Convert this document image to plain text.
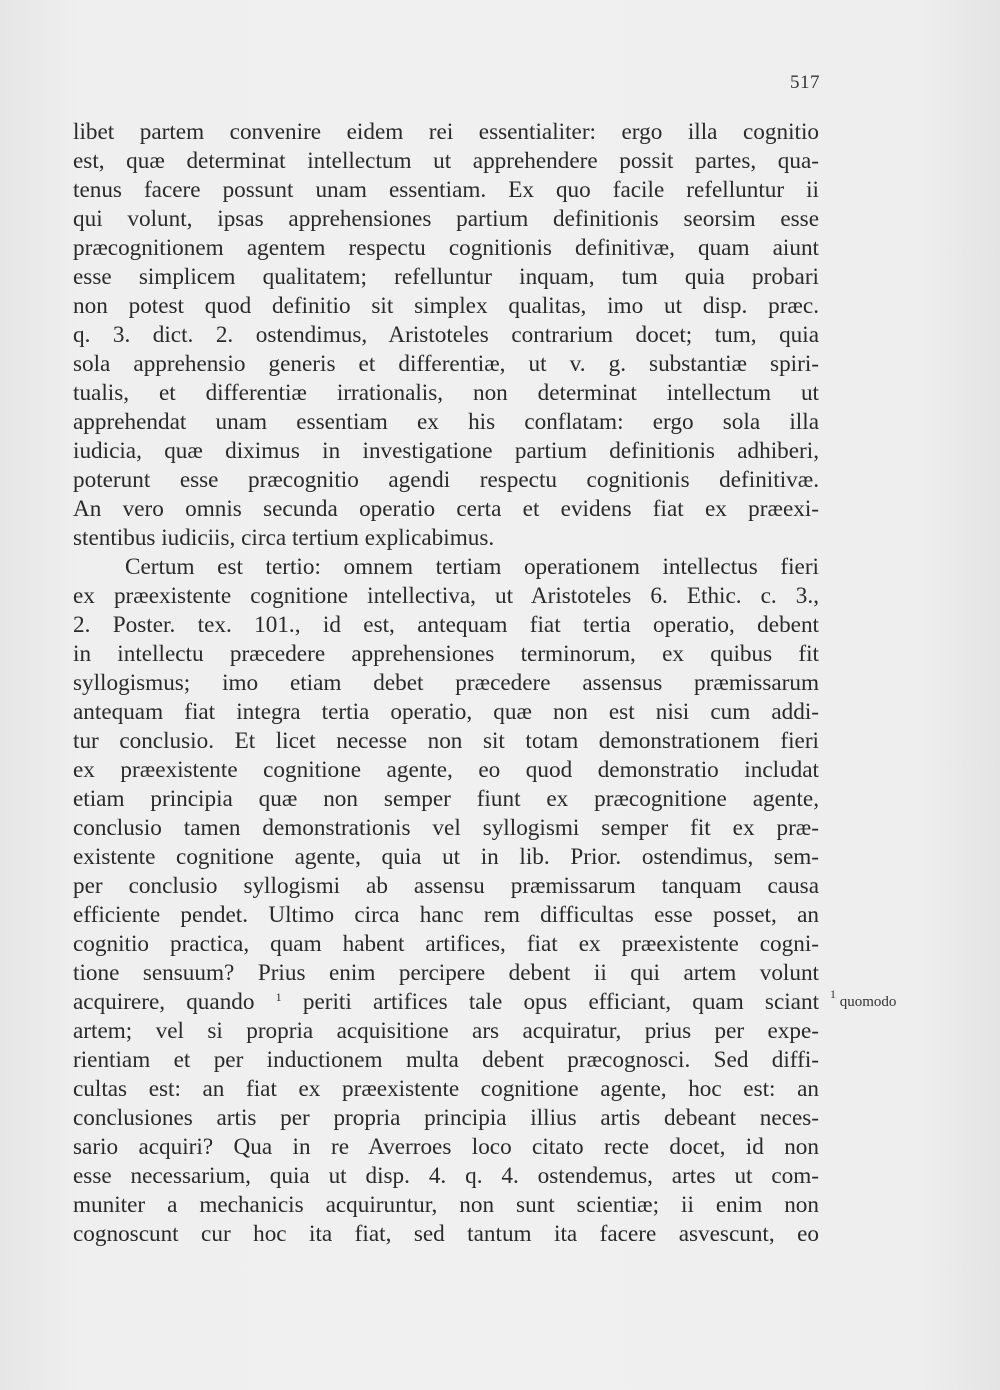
517
libet partem convenire eidem rei essentialiter: ergo illa cognitio
est, quæ determinat intellectum ut apprehendere possit partes, qua-
tenus facere possunt unam essentiam. Ex quo facile refelluntur ii
qui volunt, ipsas apprehensiones partium definitionis seorsim esse
præcognitionem agentem respectu cognitionis definitivæ, quam aiunt
esse simplicem qualitatem; refelluntur inquam, tum quia probari
non potest quod definitio sit simplex qualitas, imo ut disp. præc.
q. 3. dict. 2. ostendimus, Aristoteles contrarium docet; tum, quia
sola apprehensio generis et differentiæ, ut v. g. substantiæ spiri-
tualis, et differentiæ irrationalis, non determinat intellectum ut
apprehendat unam essentiam ex his conflatam: ergo sola illa
iudicia, quæ diximus in investigatione partium definitionis adhiberi,
poterunt esse præcognitio agendi respectu cognitionis definitivæ.
An vero omnis secunda operatio certa et evidens fiat ex præexi-
stentibus iudiciis, circa tertium explicabimus.
Certum est tertio: omnem tertiam operationem intellectus fieri
ex præexistente cognitione intellectiva, ut Aristoteles 6. Ethic. c. 3.,
2. Poster. tex. 101., id est, antequam fiat tertia operatio, debent
in intellectu præcedere apprehensiones terminorum, ex quibus fit
syllogismus; imo etiam debet præcedere assensus præmissarum
antequam fiat integra tertia operatio, quæ non est nisi cum addi-
tur conclusio. Et licet necesse non sit totam demonstrationem fieri
ex præexistente cognitione agente, eo quod demonstratio includat
etiam principia quæ non semper fiunt ex præcognitione agente,
conclusio tamen demonstrationis vel syllogismi semper fit ex præ-
existente cognitione agente, quia ut in lib. Prior. ostendimus, sem-
per conclusio syllogismi ab assensu præmissarum tanquam causa
efficiente pendet. Ultimo circa hanc rem difficultas esse posset, an
cognitio practica, quam habent artifices, fiat ex præexistente cogni-
tione sensuum? Prius enim percipere debent ii qui artem volunt
acquirere, quando $^1$ periti artifices tale opus efficiant, quam sciant
artem; vel si propria acquisitione ars acquiratur, prius per expe-
rientiam et per inductionem multa debent præcognosci. Sed diffi-
cultas est: an fiat ex præexistente cognitione agente, hoc est: an
conclusiones artis per propria principia illius artis debeant neces-
sario acquiri? Qua in re Averroes loco citato recte docet, id non
esse necessarium, quia ut disp. 4. q. 4. ostendemus, artes ut com-
muniter a mechanicis acquiruntur, non sunt scientiæ; ii enim non
cognoscunt cur hoc ita fiat, sed tantum ita facere asvescunt, eo
$^1$ quomodo
